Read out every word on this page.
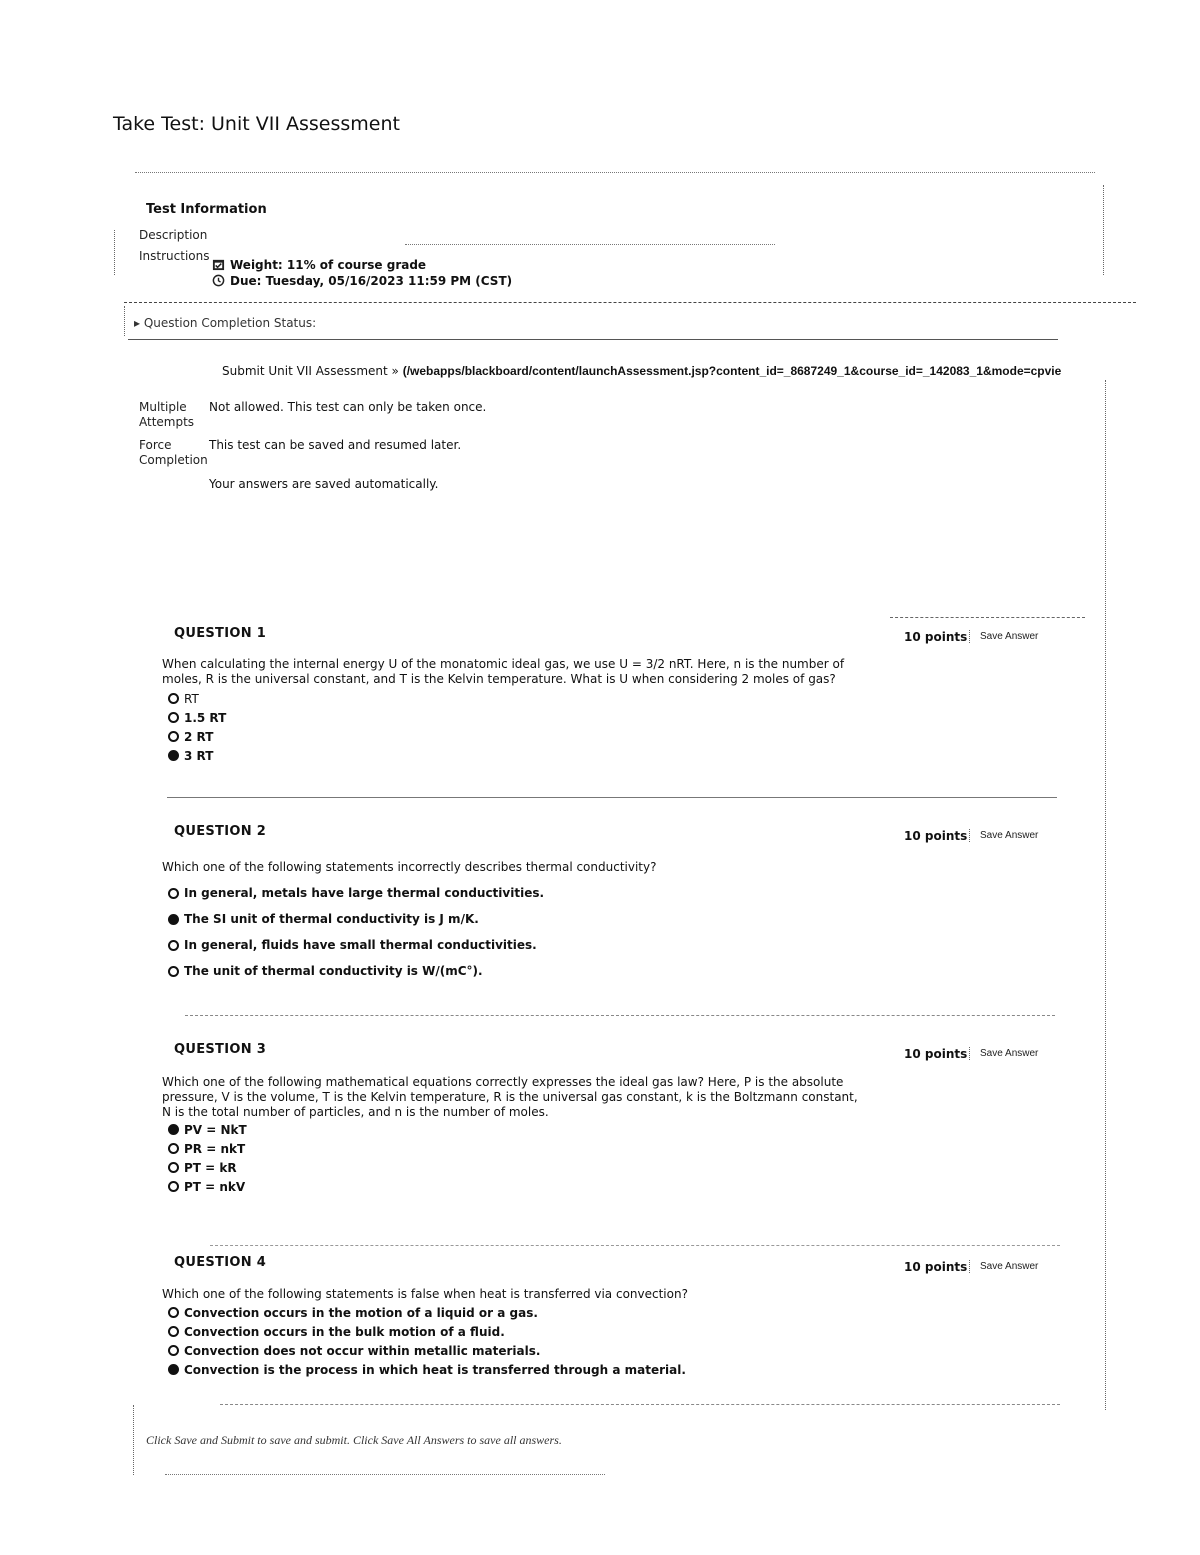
Take Test: Unit VII Assessment
Test Information
Description
Instructions
Weight: 11% of course grade
Due: Tuesday, 05/16/2023 11:59 PM (CST)
▸ Question Completion Status:
Submit Unit VII Assessment » (/webapps/blackboard/content/launchAssessment.jsp?content_id=_8687249_1&course_id=_142083_1&mode=cpvie
Multiple
Attempts
Not allowed. This test can only be taken once.
Force
Completion
This test can be saved and resumed later.
Your answers are saved automatically.
QUESTION 1	10 points	Save Answer
When calculating the internal energy U of the monatomic ideal gas, we use U = 3/2 nRT. Here, n is the number of moles, R is the universal constant, and T is the Kelvin temperature. What is U when considering 2 moles of gas?
RT
1.5 RT
2 RT
3 RT
QUESTION 2	10 points	Save Answer
Which one of the following statements incorrectly describes thermal conductivity?
In general, metals have large thermal conductivities.
The SI unit of thermal conductivity is J m/K.
In general, fluids have small thermal conductivities.
The unit of thermal conductivity is W/(mC°).
QUESTION 3	10 points	Save Answer
Which one of the following mathematical equations correctly expresses the ideal gas law? Here, P is the absolute pressure, V is the volume, T is the Kelvin temperature, R is the universal gas constant, k is the Boltzmann constant, N is the total number of particles, and n is the number of moles.
PV = NkT
PR = nkT
PT = kR
PT = nkV
QUESTION 4	10 points	Save Answer
Which one of the following statements is false when heat is transferred via convection?
Convection occurs in the motion of a liquid or a gas.
Convection occurs in the bulk motion of a fluid.
Convection does not occur within metallic materials.
Convection is the process in which heat is transferred through a material.
Click Save and Submit to save and submit. Click Save All Answers to save all answers.
